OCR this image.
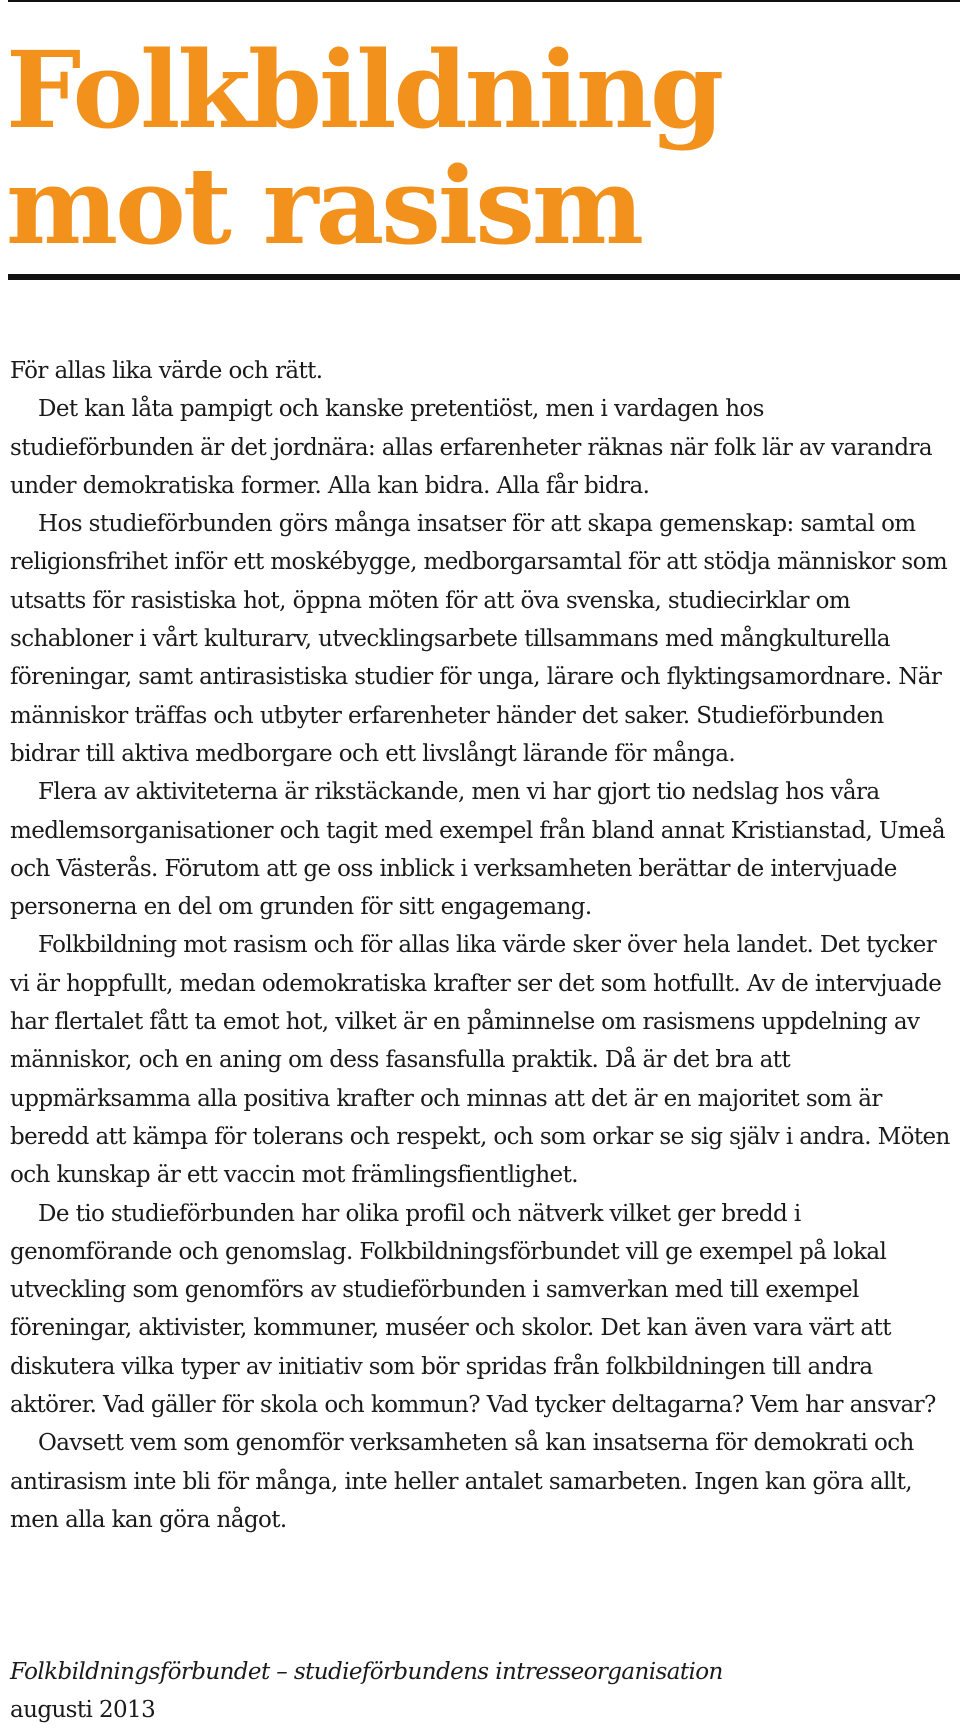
Folkbildning
mot rasism

För allas lika värde och rätt.

Det kan låta pampigt och kanske pretentiöst, men i vardagen hos studieförbunden är det jordnära: allas erfarenheter räknas när folk lär av varandra under demokratiska former. Alla kan bidra. Alla får bidra.

Hos studieförbunden görs många insatser för att skapa gemenskap: samtal om religionsfrihet inför ett moskébygge, medborgarsamtal för att stödja människor som utsatts för rasistiska hot, öppna möten för att öva svenska, studiecirklar om schabloner i vårt kulturarv, utvecklingsarbete tillsammans med mångkulturella föreningar, samt antirasistiska studier för unga, lärare och flyktingsamordnare. När människor träffas och utbyter erfarenheter händer det saker. Studieförbunden bidrar till aktiva medborgare och ett livslångt lärande för många.

Flera av aktiviteterna är rikstäckande, men vi har gjort tio nedslag hos våra medlemsorganisationer och tagit med exempel från bland annat Kristianstad, Umeå och Västerås. Förutom att ge oss inblick i verksamheten berättar de intervjuade personerna en del om grunden för sitt engagemang.

Folkbildning mot rasism och för allas lika värde sker över hela landet. Det tycker vi är hoppfullt, medan odemokratiska krafter ser det som hotfullt. Av de intervjuade har flertalet fått ta emot hot, vilket är en påminnelse om rasismens uppdelning av människor, och en aning om dess fasansfulla praktik. Då är det bra att uppmärksamma alla positiva krafter och minnas att det är en majoritet som är beredd att kämpa för tolerans och respekt, och som orkar se sig själv i andra. Möten och kunskap är ett vaccin mot främlingsfientlighet.

De tio studieförbunden har olika profil och nätverk vilket ger bredd i genomförande och genomslag. Folkbildningsförbundet vill ge exempel på lokal utveckling som genomförs av studieförbunden i samverkan med till exempel föreningar, aktivister, kommuner, muséer och skolor. Det kan även vara värt att diskutera vilka typer av initiativ som bör spridas från folkbildningen till andra aktörer. Vad gäller för skola och kommun? Vad tycker deltagarna? Vem har ansvar?

Oavsett vem som genomför verksamheten så kan insatserna för demokrati och antirasism inte bli för många, inte heller antalet samarbeten. Ingen kan göra allt, men alla kan göra något.

Folkbildningsförbundet – studieförbundens intresseorganisation
augusti 2013
